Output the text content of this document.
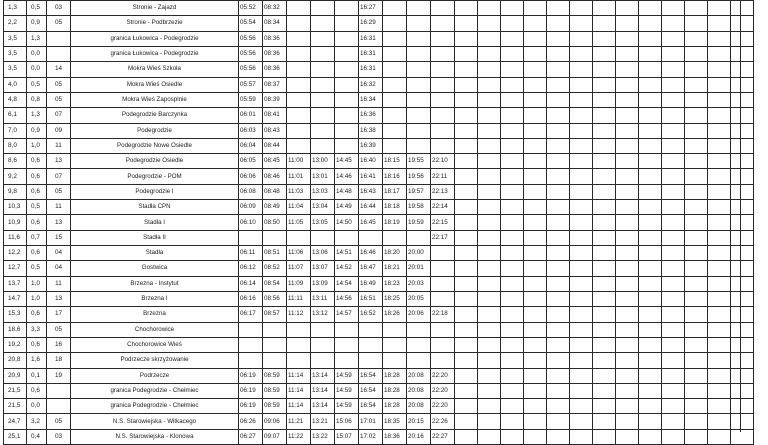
1,3	0,5	03	Stronie - Zajazd	05:52	08:32				16:27																
2,2	0,9	05	Stronie - Podbrzezie	05:54	08:34				16:29																
3,5	1,3		granica Łukowica - Podegrodzie	05:56	08:36				16:31																
3,5	0,0		granica Łukowica - Podegrodzie	05:56	08:36				16:31																
3,5	0,0	14	Mokra Wieś Szkoła	05:56	08:36				16:31																
4,0	0,5	05	Mokra Wieś Osiedle	05:57	08:37				16:32																
4,8	0,8	05	Mokra Wieś Zaposplnie	05:59	08:39				16:34																
6,1	1,3	07	Podegrodzie Barczynka	06:01	08:41				16:36																
7,0	0,9	09	Podegrodzie	06:03	08:43				16:38																
8,0	1,0	11	Podegrodzie Nowe Osiedle	06:04	08:44				16:39																
8,6	0,6	13	Podegrodzie Osiedle	06:05	08:45	11:00	13:00	14:45	16:40	18:15	19:55	22:10													
9,2	0,6	07	Podegrodzie - POM	06:06	08:46	11:01	13:01	14:46	16:41	18:16	19:56	22:11													
9,8	0,6	05	Podegrodzie I	06:08	08:48	11:03	13:03	14:48	16:43	18:17	19:57	22:13													
10,3	0,5	11	Stadła CPN	06:09	08:49	11:04	13:04	14:49	16:44	18:18	19:58	22:14													
10,9	0,6	13	Stadła I	06:10	08:50	11:05	13:05	14:50	16:45	18:19	19:59	22:15													
11,6	0,7	15	Stadła II									22:17													
12,2	0,6	04	Stadła	06:11	08:51	11:06	13:06	14:51	16:46	18:20	20:00														
12,7	0,5	04	Gostwica	06:12	08:52	11:07	13:07	14:52	16:47	18:21	20:01														
13,7	1,0	11	Brzezna - Instytut	06:14	08:54	11:09	13:09	14:54	16:49	18:23	20:03														
14,7	1,0	13	Brzezna I	06:16	08:56	11:11	13:11	14:56	16:51	18:25	20:05														
15,3	0,6	17	Brzezna	06:17	08:57	11:12	13:12	14:57	16:52	18:26	20:06	22:18													
18,6	3,3	05	Chochorowice																						
19,2	0,6	16	Chochorowice Wieś																						
20,8	1,6	18	Podrzecze skrzyżowanie																						
20,9	0,1	19	Podrzecze	06:19	08:59	11:14	13:14	14:59	16:54	18:28	20:08	22:20													
21,5	0,6		granica Podegrodzie - Chełmiec	06:19	08:59	11:14	13:14	14:59	16:54	18:28	20:08	22:20													
21,5	0,0		granica Podegrodzie - Chełmiec	06:19	08:59	11:14	13:14	14:59	16:54	18:28	20:08	22:20													
24,7	3,2	05	N.S. Starowiejska - Witkacego	06:26	09:06	11:21	13:21	15:06	17:01	18:35	20:15	22:26													
25,1	0,4	03	N.S. Starowiejska - Klonowa	06:27	09:07	11:22	13:22	15:07	17:02	18:36	20:16	22:27													
